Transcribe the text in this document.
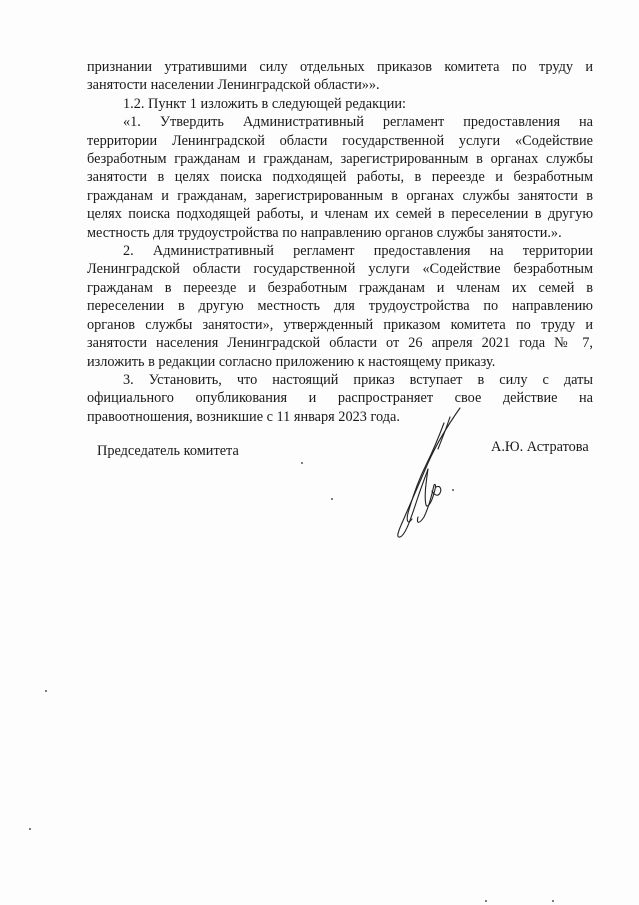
признании утратившими силу отдельных приказов комитета по труду и
занятости населении Ленинградской области»».

1.2. Пункт 1 изложить в следующей редакции:

«1. Утвердить Административный регламент предоставления на
территории Ленинградской области государственной услуги «Содействие
безработным гражданам и гражданам, зарегистрированным в органах службы
занятости в целях поиска подходящей работы, в переезде и безработным
гражданам и гражданам, зарегистрированным в органах службы занятости в
целях поиска подходящей работы, и членам их семей в переселении в другую
местность для трудоустройства по направлению органов службы занятости.».

2. Административный регламент предоставления на территории
Ленинградской области государственной услуги «Содействие безработным
гражданам в переезде и безработным гражданам и членам их семей в
переселении в другую местность для трудоустройства по направлению
органов службы занятости», утвержденный приказом комитета по труду и
занятости населения Ленинградской области от 26 апреля 2021 года № 7,
изложить в редакции согласно приложению к настоящему приказу.

3. Установить, что настоящий приказ вступает в силу с даты
официального опубликования и распространяет свое действие на
правоотношения, возникшие с 11 января 2023 года.

Председатель комитета	А.Ю. Астратова
